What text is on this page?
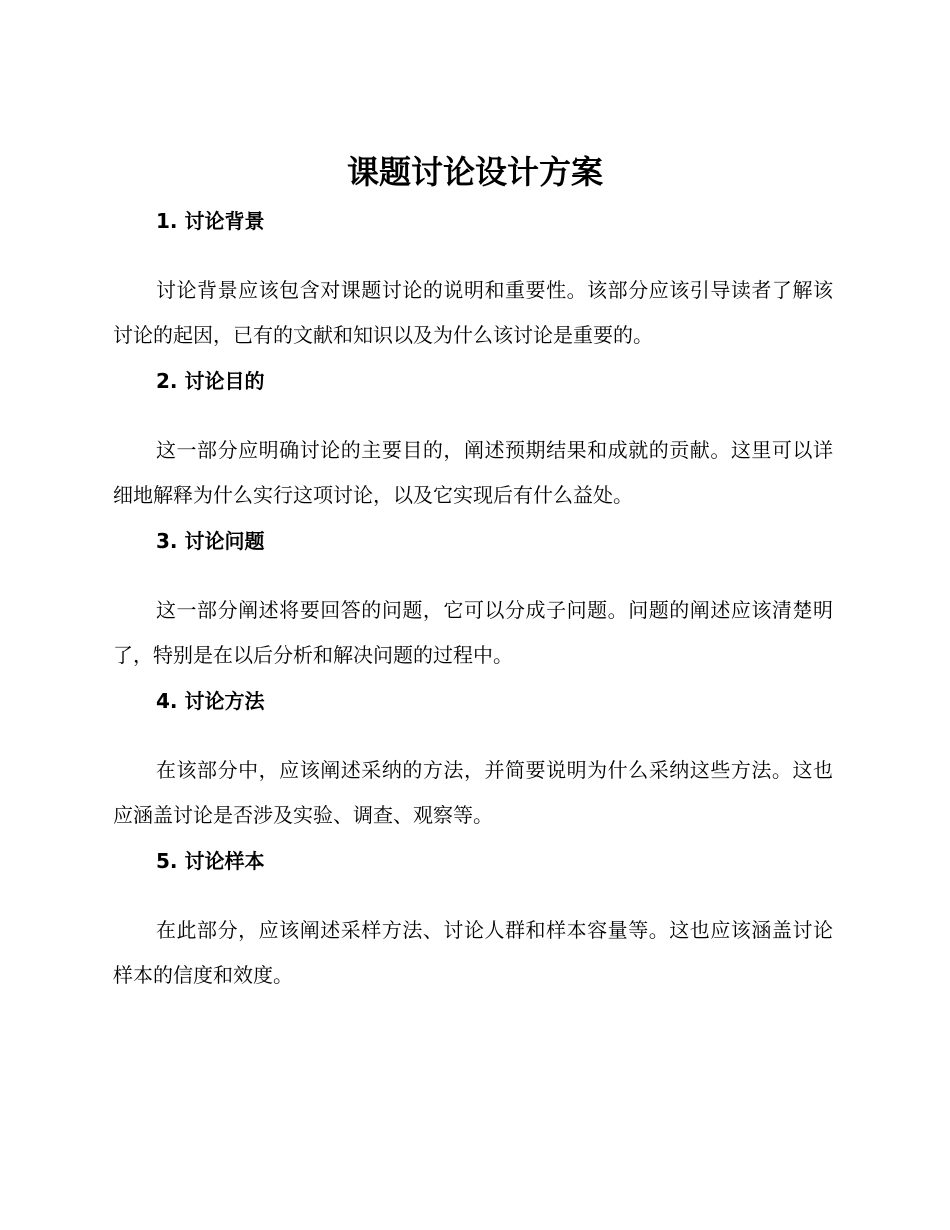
课题讨论设计方案

1. 讨论背景

讨论背景应该包含对课题讨论的说明和重要性。该部分应该引导读者了解该讨论的起因，已有的文献和知识以及为什么该讨论是重要的。

2. 讨论目的

这一部分应明确讨论的主要目的，阐述预期结果和成就的贡献。这里可以详细地解释为什么实行这项讨论，以及它实现后有什么益处。

3. 讨论问题

这一部分阐述将要回答的问题，它可以分成子问题。问题的阐述应该清楚明了，特别是在以后分析和解决问题的过程中。

4. 讨论方法

在该部分中，应该阐述采纳的方法，并简要说明为什么采纳这些方法。这也应涵盖讨论是否涉及实验、调查、观察等。

5. 讨论样本

在此部分，应该阐述采样方法、讨论人群和样本容量等。这也应该涵盖讨论样本的信度和效度。
